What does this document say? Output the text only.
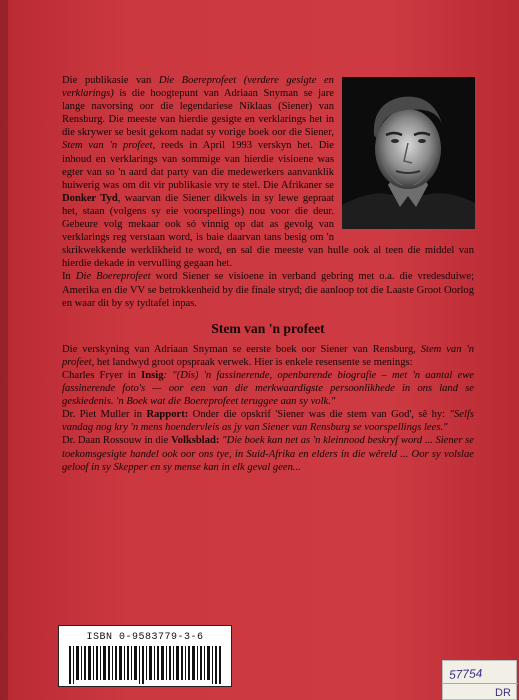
Die publikasie van Die Boereprofeet (verdere gesigte en verklarings) is die hoogtepunt van Adriaan Snyman se jare lange navorsing oor die legendariese Niklaas (Siener) van Rensburg. Die meeste van hierdie gesigte en verklarings het in die skrywer se besit gekom nadat sy vorige boek oor die Siener, Stem van 'n profeet, reeds in April 1993 verskyn het. Die inhoud en verklarings van sommige van hierdie visioene was egter van so 'n aard dat party van die medewerkers aanvanklik huiwerig was om dit vir publikasie vry te stel. Die Afrikaner se Donker Tyd, waarvan die Siener dikwels in sy lewe gepraat het, staan (volgens sy eie voorspellings) nou voor die deur. Gebeure volg mekaar ook só vinnig op dat as gevolg van verklarings reg verstaan word, is baie daarvan tans besig om 'n skrikwekkende werklikheid te word, en sal die meeste van hulle ook al teen die middel van hierdie dekade in vervulling gegaan het.

In Die Boereprofeet word Siener se visioene in verband gebring met o.a. die vredesduiwe; Amerika en die VV se betrokkenheid by die finale stryd; die aanloop tot die Laaste Groot Oorlog en waar dit by sy tydtafel inpas.

Stem van 'n profeet

Die verskyning van Adriaan Snyman se eerste boek oor Siener van Rensburg, Stem van 'n profeet, het landwyd groot opspraak verwek. Hier is enkele resensente se menings:

Charles Fryer in Insig: "(Dis) 'n fassinerende, openbarende biografie – met 'n aantal ewe fassinerende foto's — oor een van die merkwaardigste persoonlikhede in ons land se geskiedenis. 'n Boek wat die Boereprofeet teruggee aan sy volk."

Dr. Piet Muller in Rapport: Onder die opskrif 'Siener was die stem van God', sê hy: "Selfs vandag nog kry 'n mens hoendervleis as jy van Siener van Rensburg se voorspellings lees."

Dr. Daan Rossouw in die Volksblad: "Die boek kan net as 'n kleinnood beskryf word ... Siener se toekomsgesigte handel ook oor ons tye, in Suid-Afrika en elders in die wêreld ... Oor sy volslae geloof in sy Skepper en sy mense kan in elk geval geen...

ISBN 0-9583779-3-6
57754
DR
